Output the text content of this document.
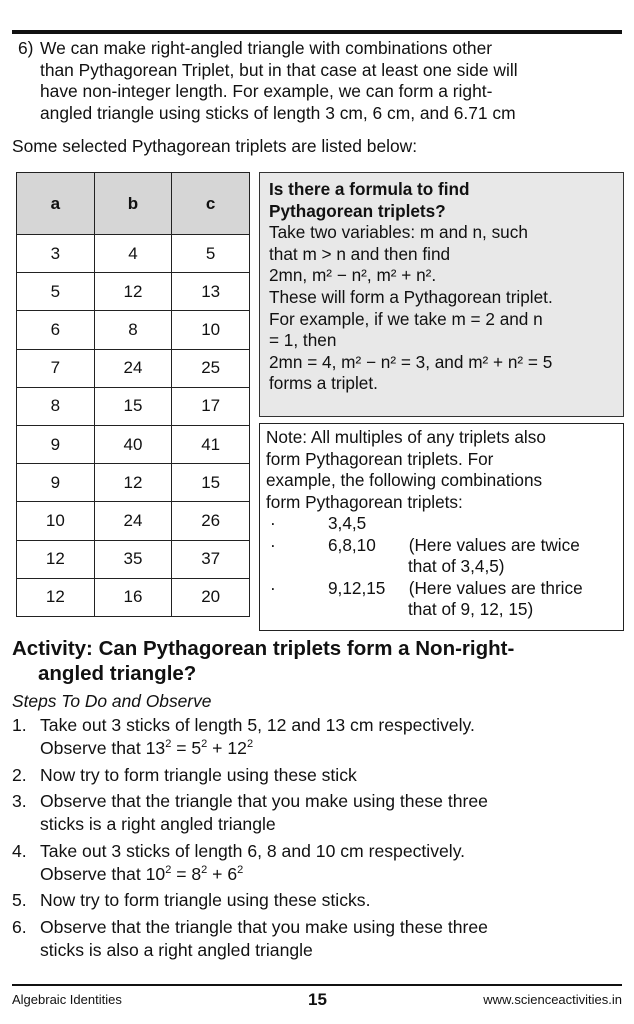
6) We can make right-angled triangle with combinations other
than Pythagorean Triplet, but in that case at least one side will
have non-integer length. For example, we can form a right-
angled triangle using sticks of length 3 cm, 6 cm, and 6.71 cm
Some selected Pythagorean triplets are listed below:
a	b	c
3	4	5
5	12	13
6	8	10
7	24	25
8	15	17
9	40	41
9	12	15
10	24	26
12	35	37
12	16	20
Is there a formula to find
Pythagorean triplets?
Take two variables: m and n, such
that m > n and then find
2mn, m² − n², m² + n².
These will form a Pythagorean triplet.
For example, if we take m = 2 and n
= 1, then
2mn = 4, m² − n² = 3, and m² + n² = 5
forms a triplet.
Note: All multiples of any triplets also
form Pythagorean triplets. For
example, the following combinations
form Pythagorean triplets:
·	3,4,5
·	6,8,10 (Here values are twice
that of 3,4,5)
·	9,12,15 (Here values are thrice
that of 9, 12, 15)
Activity: Can Pythagorean triplets form a Non-right-
angled triangle?
Steps To Do and Observe
1. Take out 3 sticks of length 5, 12 and 13 cm respectively.
Observe that $13^2 = 5^2 + 12^2$
2. Now try to form triangle using these stick
3. Observe that the triangle that you make using these three
sticks is a right angled triangle
4. Take out 3 sticks of length 6, 8 and 10 cm respectively.
Observe that $10^2 = 8^2 + 6^2$
5. Now try to form triangle using these sticks.
6. Observe that the triangle that you make using these three
sticks is also a right angled triangle
Algebraic Identities	15	www.scienceactivities.in
